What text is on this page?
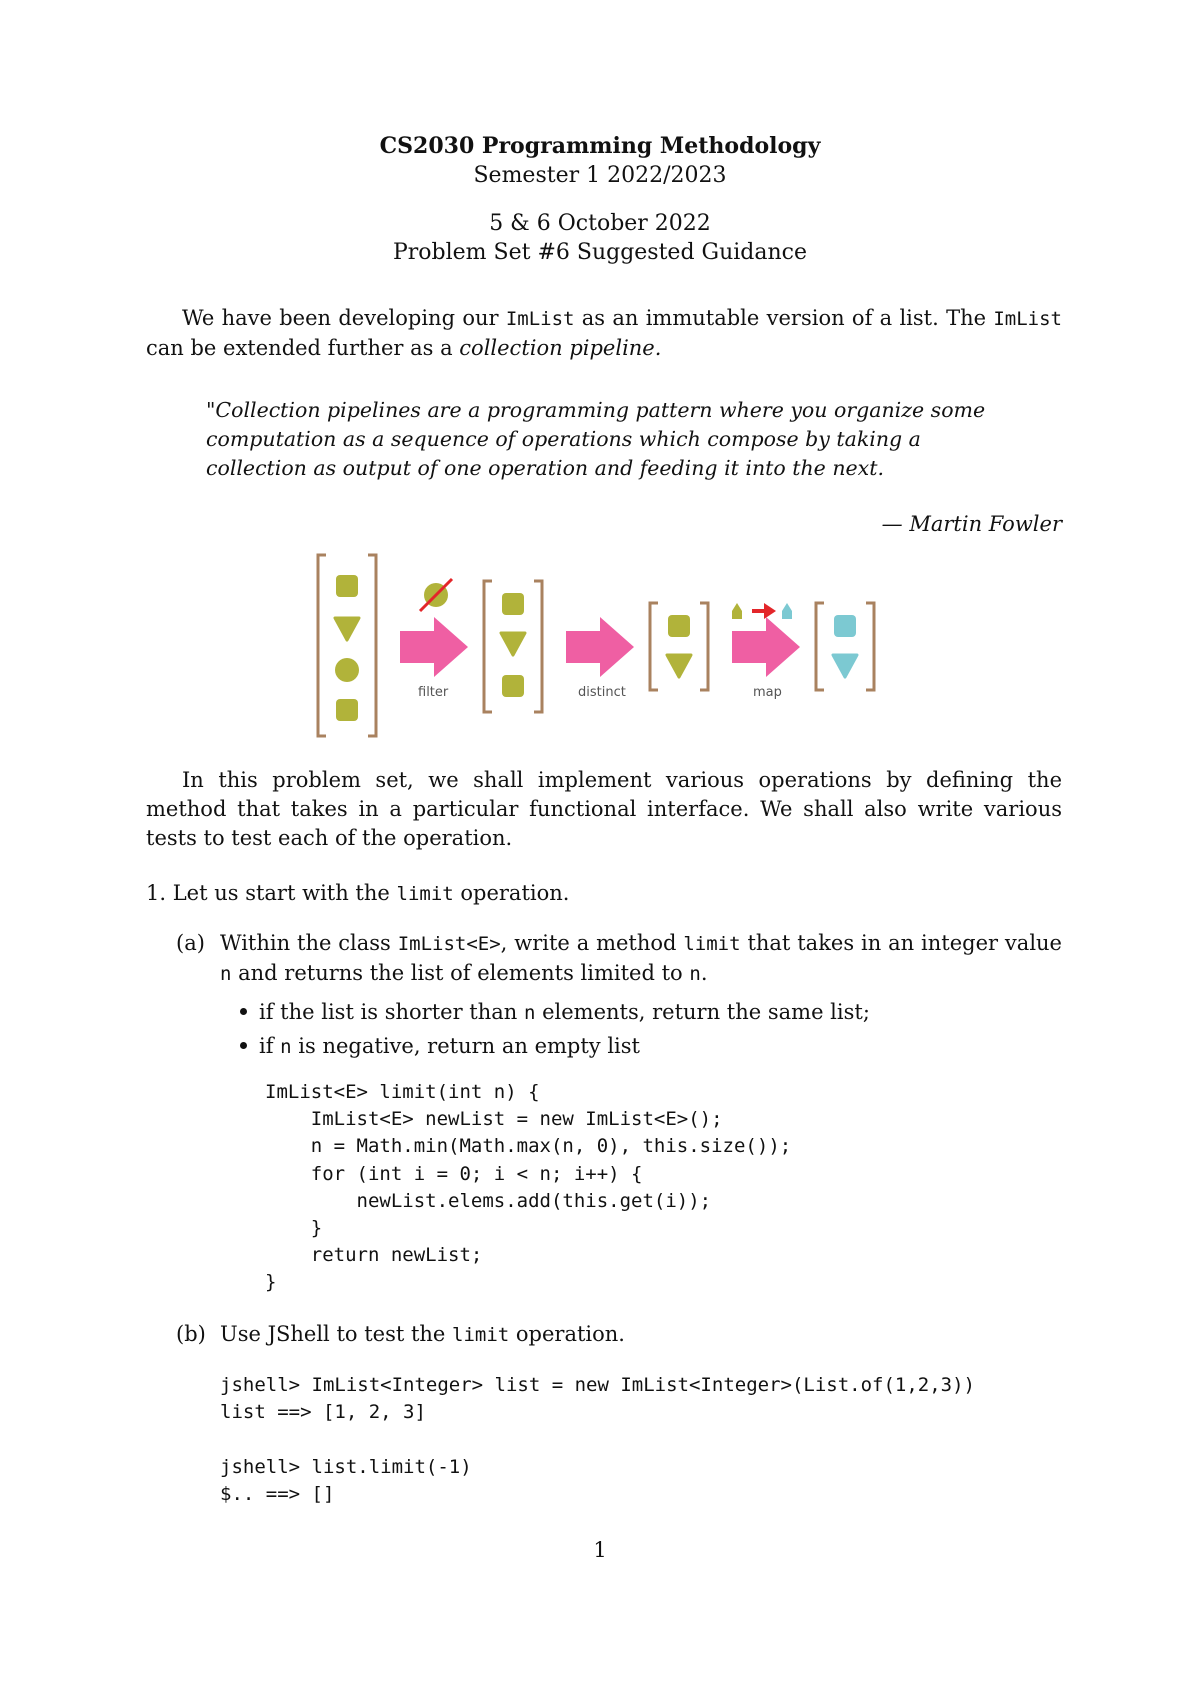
CS2030 Programming Methodology
Semester 1 2022/2023
5 & 6 October 2022
Problem Set #6 Suggested Guidance
We have been developing our ImList as an immutable version of a list. The ImList can be extended further as a collection pipeline.
"Collection pipelines are a programming pattern where you organize some computation as a sequence of operations which compose by taking a collection as output of one operation and feeding it into the next.
— Martin Fowler
filter	distinct	map
In this problem set, we shall implement various operations by defining the method that takes in a particular functional interface. We shall also write various tests to test each of the operation.
1. Let us start with the limit operation.
(a) Within the class ImList<E>, write a method limit that takes in an integer value n and returns the list of elements limited to n.
if the list is shorter than n elements, return the same list;
if n is negative, return an empty list
ImList<E> limit(int n) {
ImList<E> newList = new ImList<E>();
n = Math.min(Math.max(n, 0), this.size());
for (int i = 0; i < n; i++) {
newList.elems.add(this.get(i));
}
return newList;
}
(b) Use JShell to test the limit operation.
jshell> ImList<Integer> list = new ImList<Integer>(List.of(1,2,3))
list ==> [1, 2, 3]
jshell> list.limit(-1)
$.. ==> []
1
